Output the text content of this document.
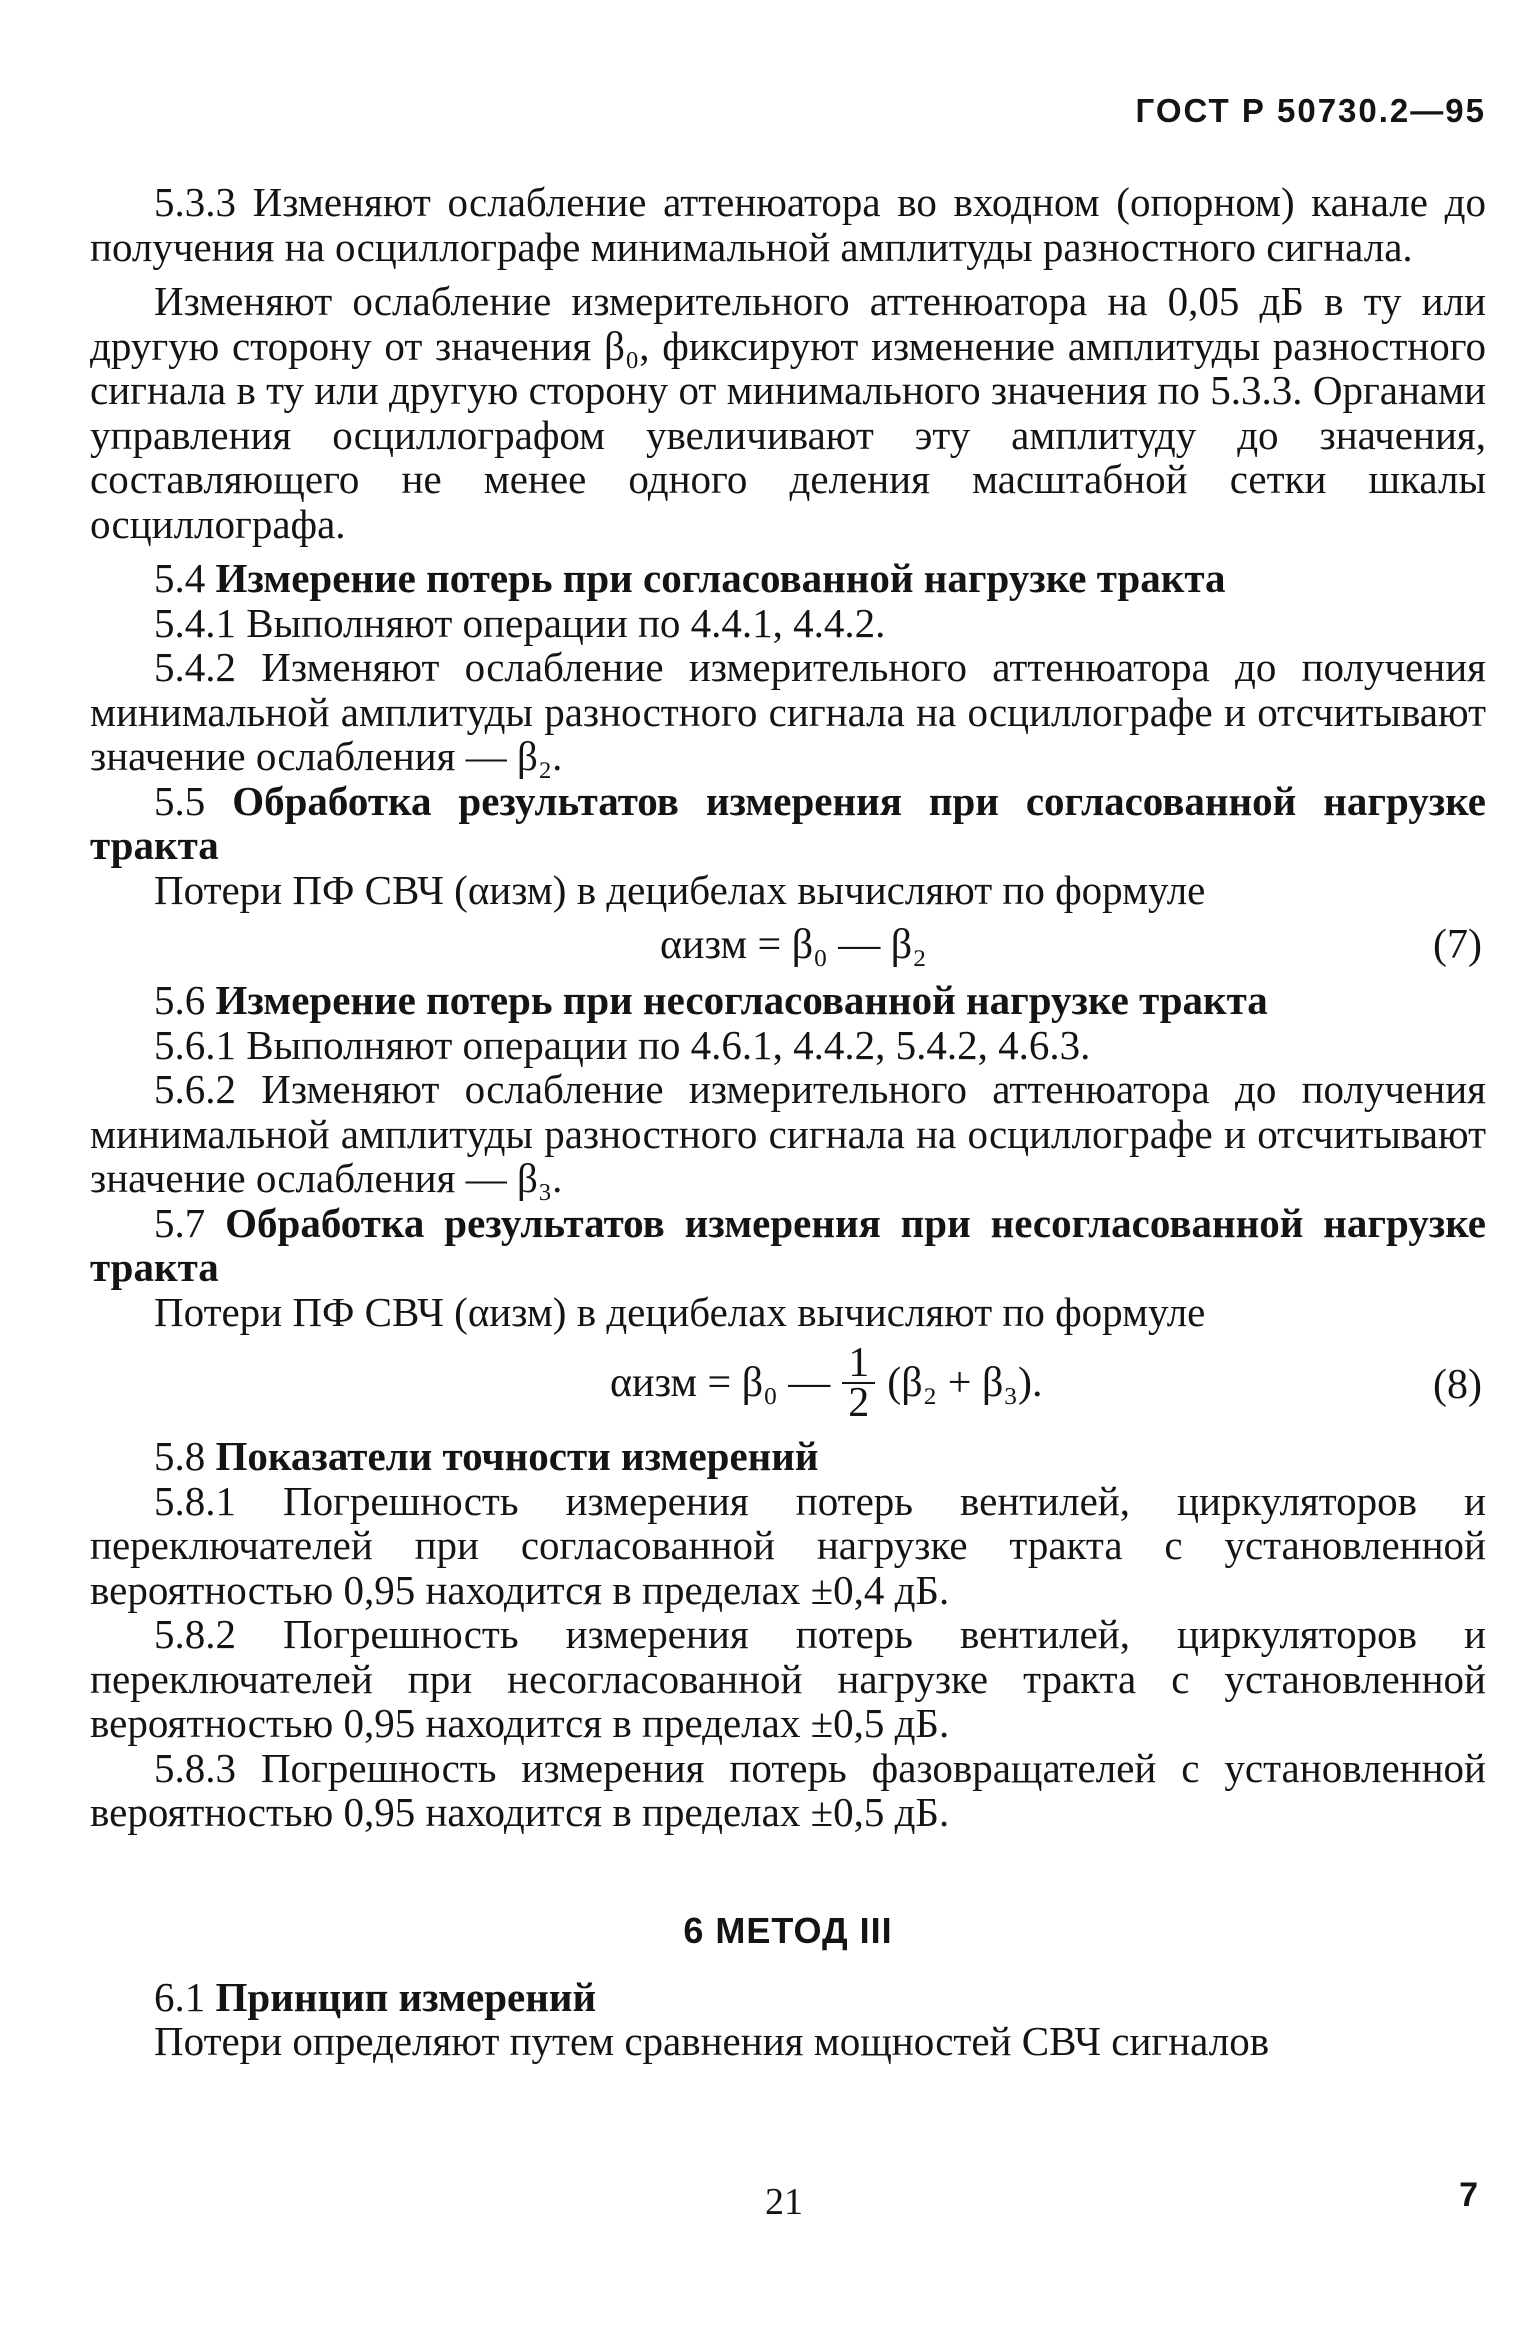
ГОСТ Р 50730.2—95

5.3.3 Изменяют ослабление аттенюатора во входном (опорном) канале до получения на осциллографе минимальной амплитуды разностного сигнала.

Изменяют ослабление измерительного аттенюатора на 0,05 дБ в ту или другую сторону от значения β₀, фиксируют изменение амплитуды разностного сигнала в ту или другую сторону от минимального значения по 5.3.3. Органами управления осциллографом увеличивают эту амплитуду до значения, составляющего не менее одного деления масштабной сетки шкалы осциллографа.

5.4 Измерение потерь при согласованной нагрузке тракта

5.4.1 Выполняют операции по 4.4.1, 4.4.2.

5.4.2 Изменяют ослабление измерительного аттенюатора до получения минимальной амплитуды разностного сигнала на осциллографе и отсчитывают значение ослабления — β₂.

5.5 Обработка результатов измерения при согласованной нагрузке тракта

Потери ПФ СВЧ (αизм) в децибелах вычисляют по формуле

αизм = β₀ — β₂	(7)

5.6 Измерение потерь при несогласованной нагрузке тракта

5.6.1 Выполняют операции по 4.6.1, 4.4.2, 5.4.2, 4.6.3.

5.6.2 Изменяют ослабление измерительного аттенюатора до получения минимальной амплитуды разностного сигнала на осциллографе и отсчитывают значение ослабления — β₃.

5.7 Обработка результатов измерения при несогласованной нагрузке тракта

Потери ПФ СВЧ (αизм) в децибелах вычисляют по формуле

αизм = β₀ — $\frac{1}{2} (\beta_2 + \beta_3)$.	(8)

5.8 Показатели точности измерений

5.8.1 Погрешность измерения потерь вентилей, циркуляторов и переключателей при согласованной нагрузке тракта с установленной вероятностью 0,95 находится в пределах ±0,4 дБ.

5.8.2 Погрешность измерения потерь вентилей, циркуляторов и переключателей при несогласованной нагрузке тракта с установленной вероятностью 0,95 находится в пределах ±0,5 дБ.

5.8.3 Погрешность измерения потерь фазовращателей с установленной вероятностью 0,95 находится в пределах ±0,5 дБ.

6 МЕТОД III

6.1 Принцип измерений

Потери определяют путем сравнения мощностей СВЧ сигналов

21	7
